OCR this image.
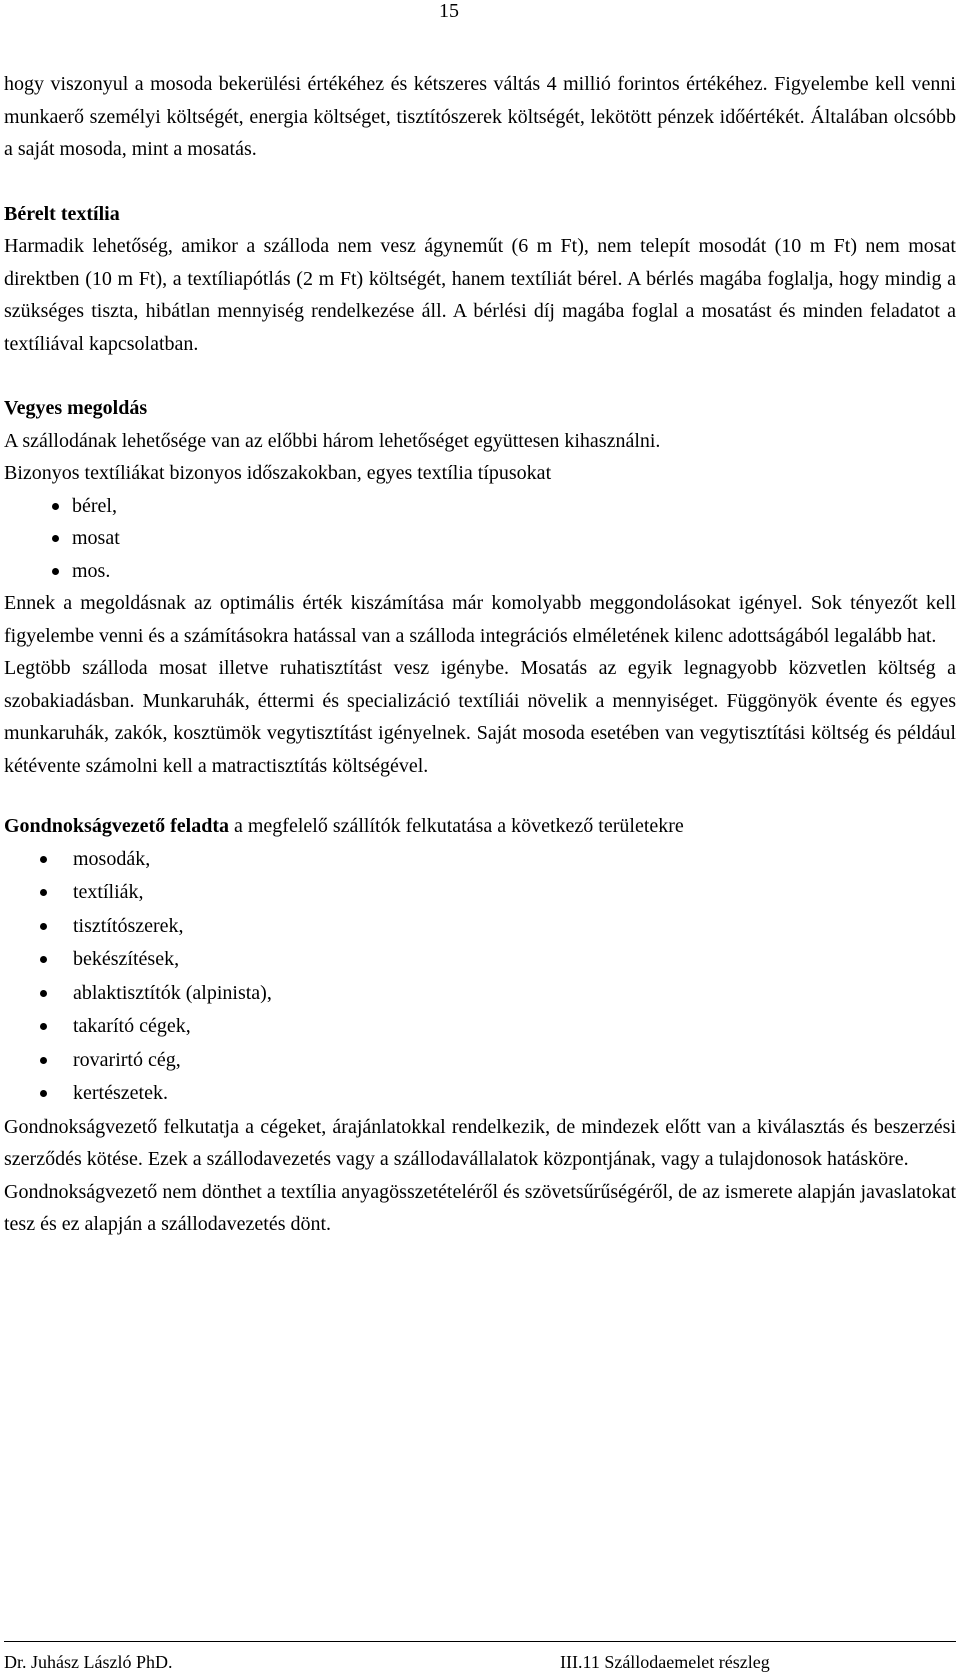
15

hogy viszonyul a mosoda bekerülési értékéhez és kétszeres váltás 4 millió forintos értékéhez. Figyelembe kell venni munkaerő személyi költségét, energia költséget, tisztítószerek költségét, lekötött pénzek időértékét. Általában olcsóbb a saját mosoda, mint a mosatás.

Bérelt textília

Harmadik lehetőség, amikor a szálloda nem vesz ágyneműt (6 m Ft), nem telepít mosodát (10 m Ft) nem mosat direktben (10 m Ft), a textíliapótlás (2 m Ft) költségét, hanem textíliát bérel. A bérlés magába foglalja, hogy mindig a szükséges tiszta, hibátlan mennyiség rendelkezése áll. A bérlési díj magába foglal a mosatást és minden feladatot a textíliával kapcsolatban.

Vegyes megoldás

A szállodának lehetősége van az előbbi három lehetőséget együttesen kihasználni.

Bizonyos textíliákat bizonyos időszakokban, egyes textília típusokat

bérel,
mosat
mos.

Ennek a megoldásnak az optimális érték kiszámítása már komolyabb meggondolásokat igényel. Sok tényezőt kell figyelembe venni és a számításokra hatással van a szálloda integrációs elméletének kilenc adottságából legalább hat.

Legtöbb szálloda mosat illetve ruhatisztítást vesz igénybe. Mosatás az egyik legnagyobb közvetlen költség a szobakiadásban. Munkaruhák, éttermi és specializáció textíliái növelik a mennyiséget. Függönyök évente és egyes munkaruhák, zakók, kosztümök vegytisztítást igényelnek. Saját mosoda esetében van vegytisztítási költség és például kétévente számolni kell a matractisztítás költségével.

Gondnokságvezető feladta a megfelelő szállítók felkutatása a következő területekre

mosodák,
textíliák,
tisztítószerek,
bekészítések,
ablaktisztítók (alpinista),
takarító cégek,
rovarirtó cég,
kertészetek.

Gondnokságvezető felkutatja a cégeket, árajánlatokkal rendelkezik, de mindezek előtt van a kiválasztás és beszerzési szerződés kötése. Ezek a szállodavezetés vagy a szállodavállalatok központjának, vagy a tulajdonosok hatásköre.

Gondnokságvezető nem dönthet a textília anyagösszetételéről és szövetsűrűségéről, de az ismerete alapján javaslatokat tesz és ez alapján a szállodavezetés dönt.

Dr. Juhász László PhD.	III.11 Szállodaemelet részleg
